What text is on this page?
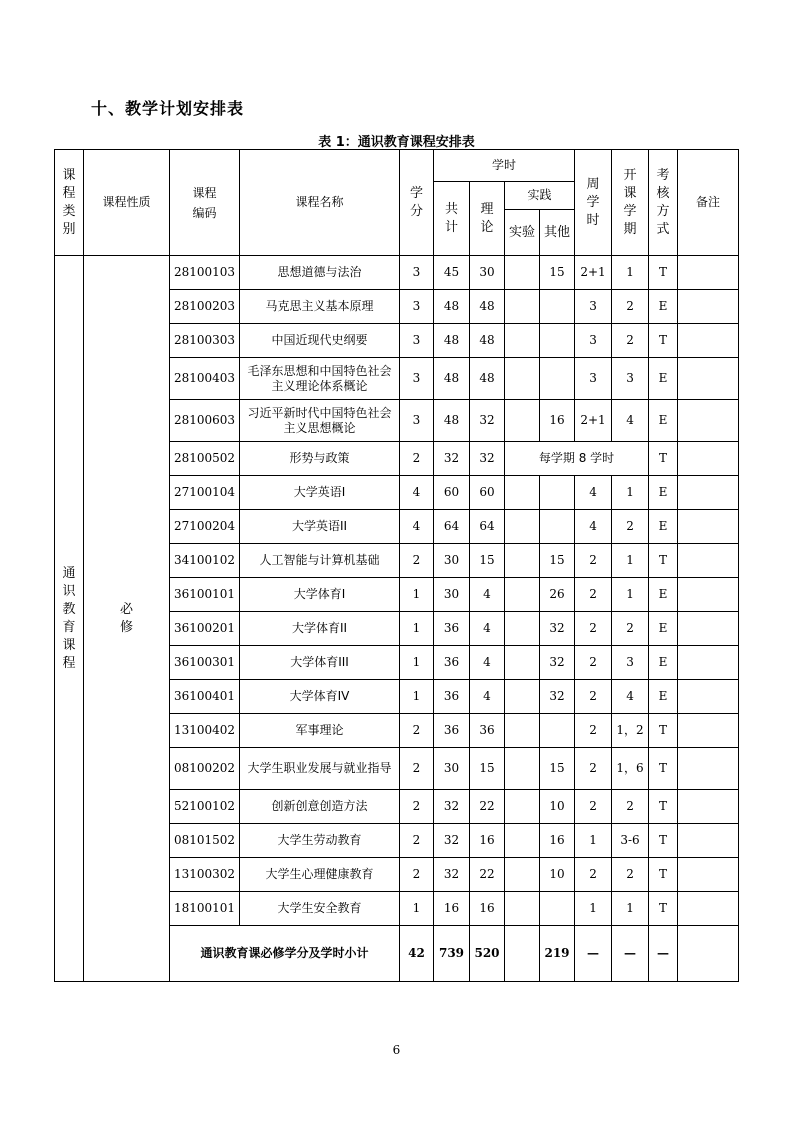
十、教学计划安排表
表 1：通识教育课程安排表
课程类别	课程性质	课程编码	课程名称	学分	学时				周学时	开课学期	考核方式	备注
					共计	理论	实践					
							实验	其他				
通识教育课程	必修	28100103	思想道德与法治	3	45	30		15	2+1	1	T	
		28100203	马克思主义基本原理	3	48	48			3	2	E	
		28100303	中国近现代史纲要	3	48	48			3	2	T	
		28100403	毛泽东思想和中国特色社会主义理论体系概论	3	48	48			3	3	E	
		28100603	习近平新时代中国特色社会主义思想概论	3	48	32		16	2+1	4	E	
		28100502	形势与政策	2	32	32	每学期 8 学时				T	
		27100104	大学英语I	4	60	60			4	1	E	
		27100204	大学英语II	4	64	64			4	2	E	
		34100102	人工智能与计算机基础	2	30	15		15	2	1	T	
		36100101	大学体育I	1	30	4		26	2	1	E	
		36100201	大学体育II	1	36	4		32	2	2	E	
		36100301	大学体育III	1	36	4		32	2	3	E	
		36100401	大学体育IV	1	36	4		32	2	4	E	
		13100402	军事理论	2	36	36			2	1，2	T	
		08100202	大学生职业发展与就业指导	2	30	15		15	2	1，6	T	
		52100102	创新创意创造方法	2	32	22		10	2	2	T	
		08101502	大学生劳动教育	2	32	16		16	1	3-6	T	
		13100302	大学生心理健康教育	2	32	22		10	2	2	T	
		18100101	大学生安全教育	1	16	16			1	1	T	
		通识教育课必修学分及学时小计		42	739	520		219	—	—	—	
6
